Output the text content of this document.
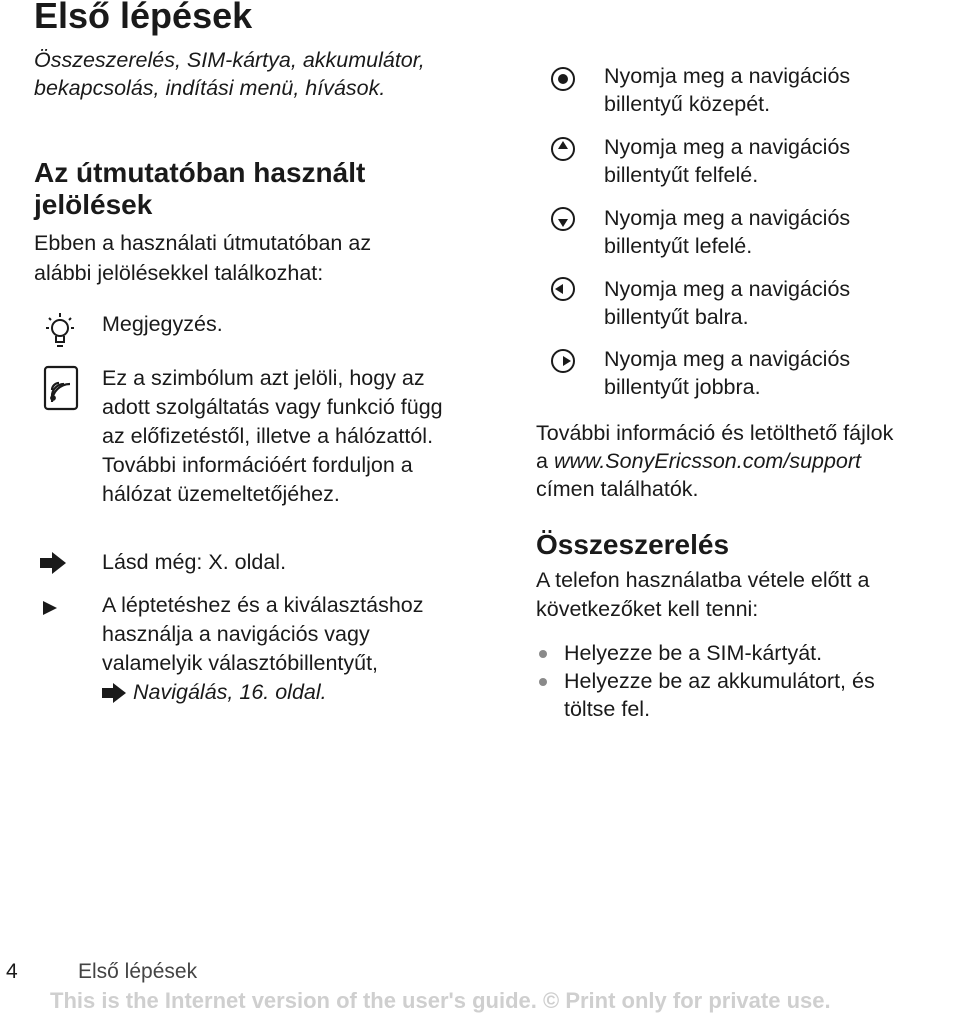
Első lépések
Összeszerelés, SIM-kártya, akkumulátor, bekapcsolás, indítási menü, hívások.
Az útmutatóban használt jelölések
Ebben a használati útmutatóban az alábbi jelölésekkel találkozhat:
Megjegyzés.
Ez a szimbólum azt jelöli, hogy az adott szolgáltatás vagy funkció függ az előfizetéstől, illetve a hálózattól. További információért forduljon a hálózat üzemeltetőjéhez.
Lásd még: X. oldal.
A léptetéshez és a kiválasztáshoz használja a navigációs vagy valamelyik választóbillentyűt,
Navigálás, 16. oldal.
Nyomja meg a navigációs
billentyű közepét.
Nyomja meg a navigációs
billentyűt felfelé.
Nyomja meg a navigációs
billentyűt lefelé.
Nyomja meg a navigációs
billentyűt balra.
Nyomja meg a navigációs
billentyűt jobbra.
További információ és letölthető fájlok
a www.SonyEricsson.com/support
címen találhatók.
Összeszerelés
A telefon használatba vétele előtt a következőket kell tenni:
Helyezze be a SIM-kártyát.
Helyezze be az akkumulátort, és töltse fel.
4	Első lépések
This is the Internet version of the user's guide. © Print only for private use.
